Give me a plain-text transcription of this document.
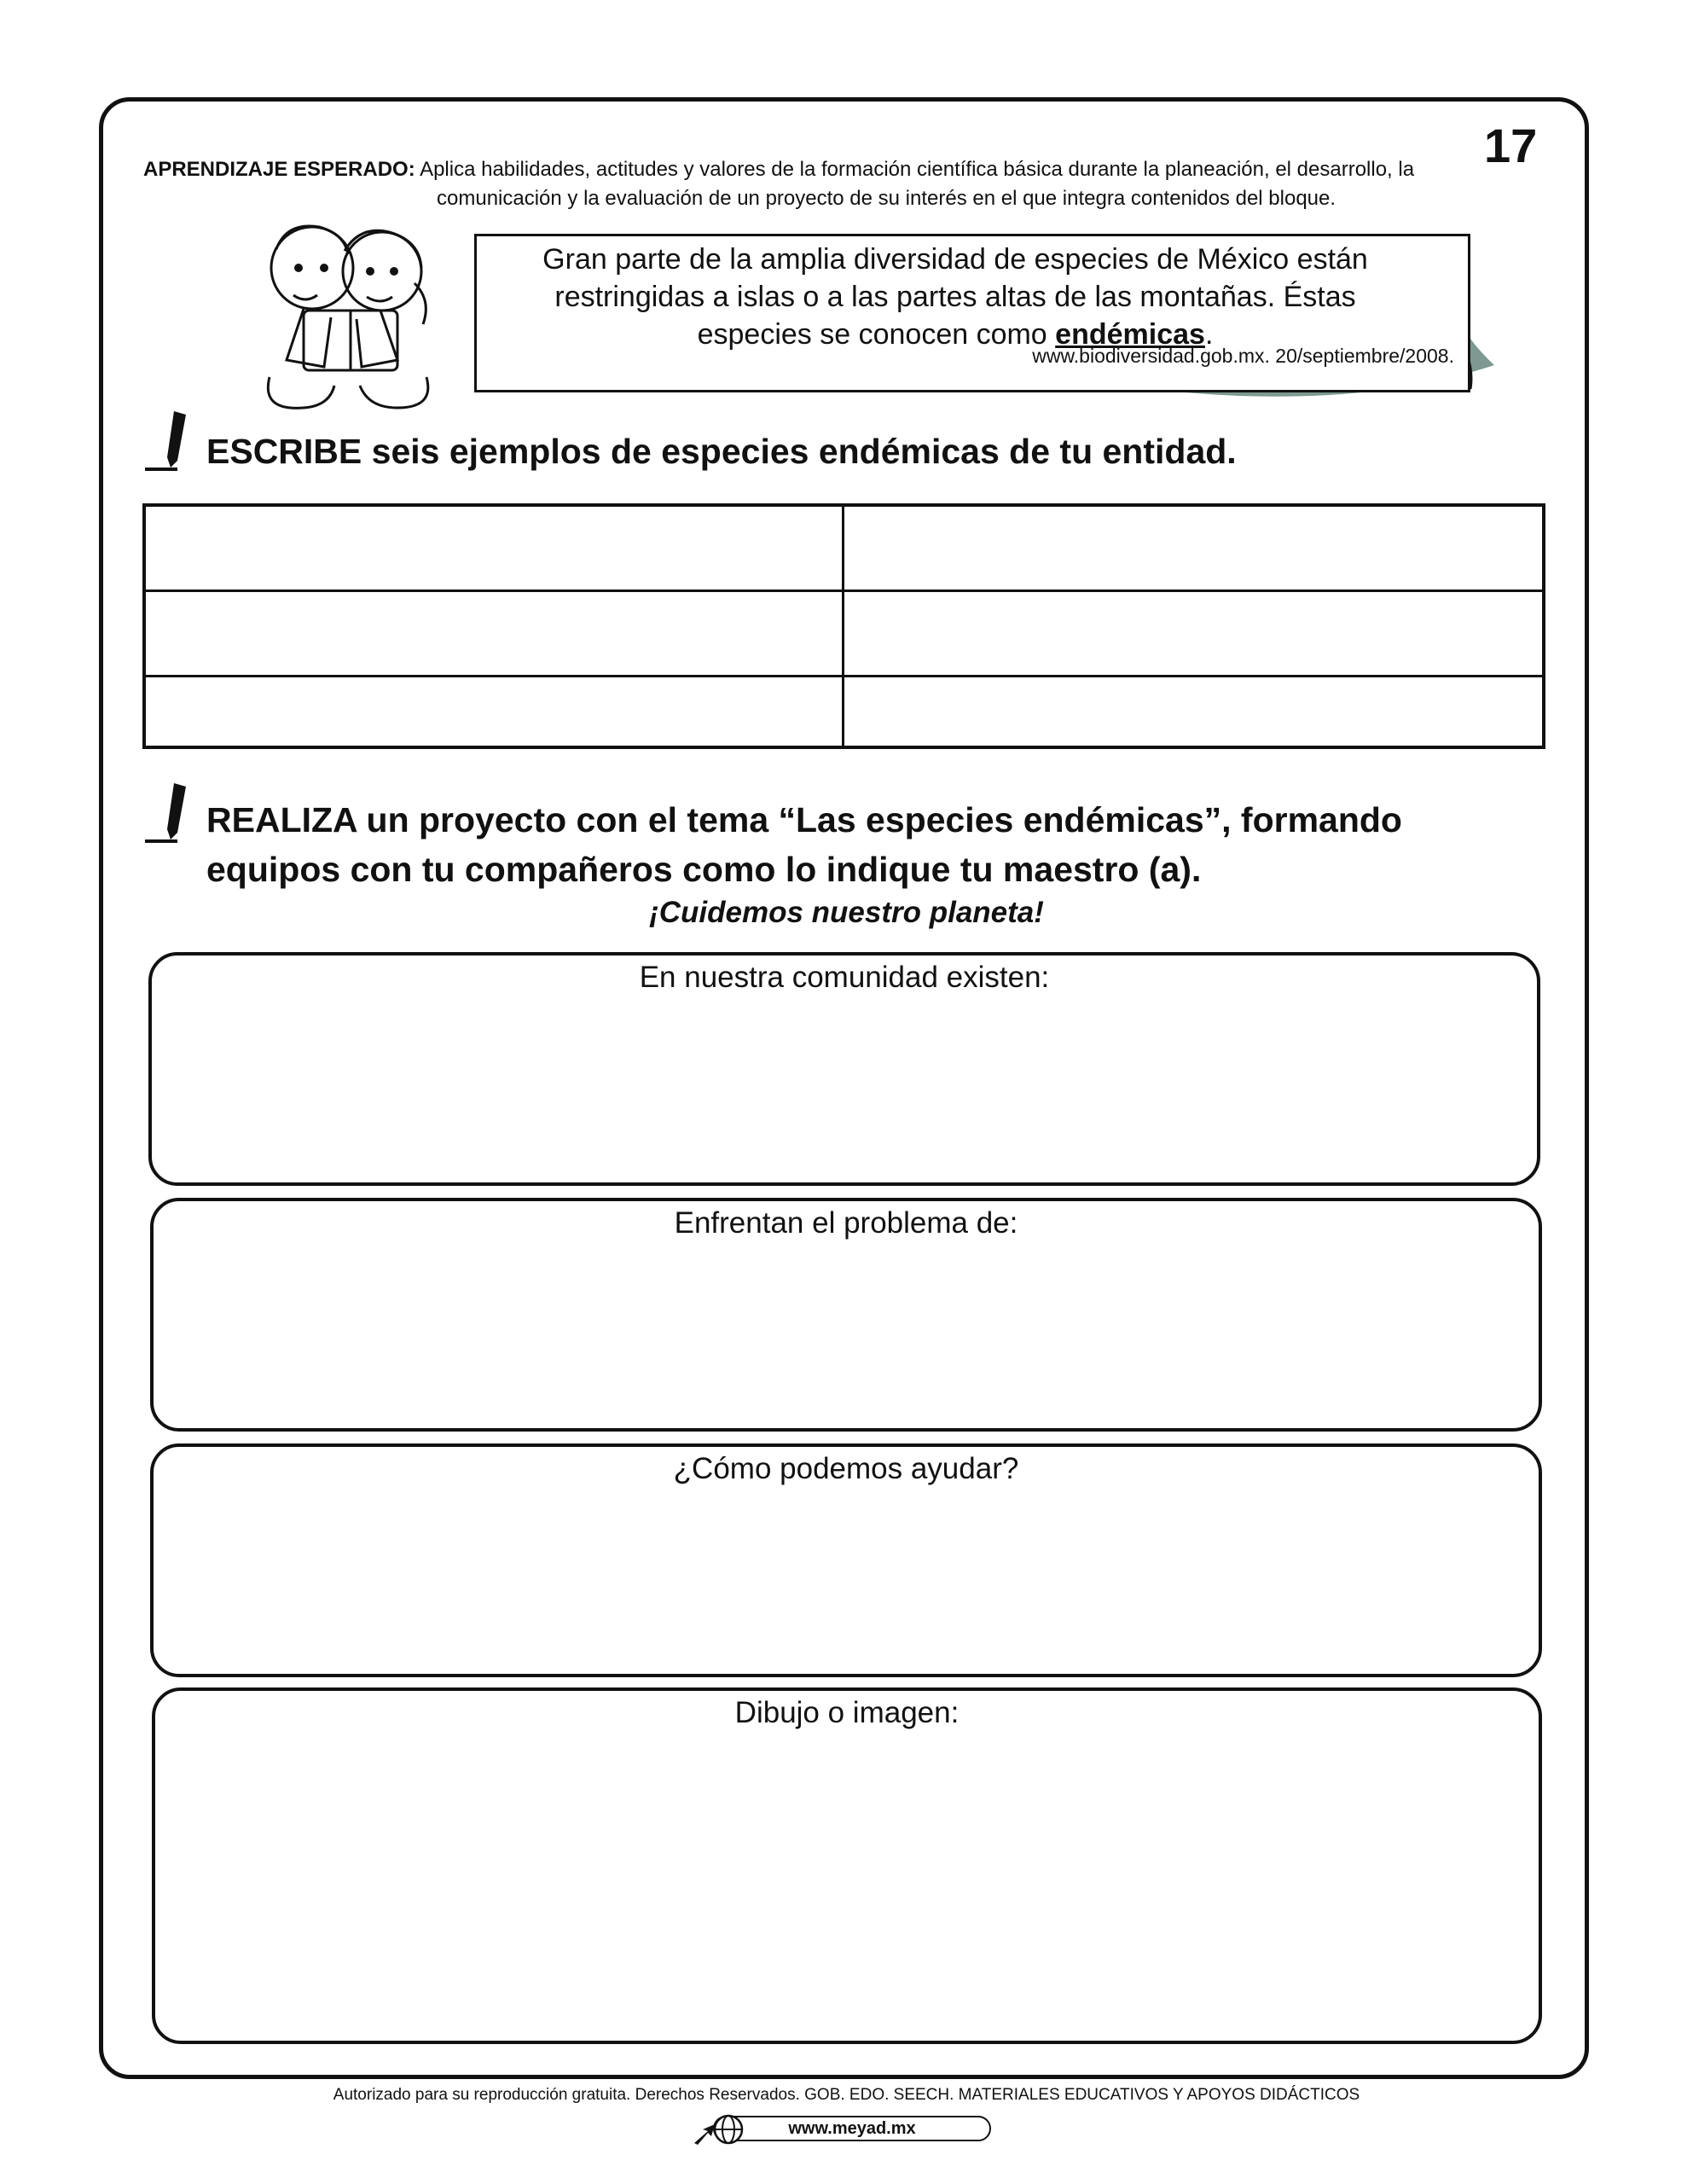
17
APRENDIZAJE ESPERADO: Aplica habilidades, actitudes y valores de la formación científica básica durante la planeación, el desarrollo, la
comunicación y la evaluación de un proyecto de su interés en el que integra contenidos del bloque.
Gran parte de la amplia diversidad de especies de México están
restringidas a islas o a las partes altas de las montañas. Éstas
especies se conocen como endémicas.
www.biodiversidad.gob.mx. 20/septiembre/2008.
ESCRIBE seis ejemplos de especies endémicas de tu entidad.
REALIZA un proyecto con el tema “Las especies endémicas”, formando
equipos con tu compañeros como lo indique tu maestro (a).
¡Cuidemos nuestro planeta!
En nuestra comunidad existen:
Enfrentan el problema de:
¿Cómo podemos ayudar?
Dibujo o imagen:
Autorizado para su reproducción gratuita. Derechos Reservados. GOB. EDO. SEECH. MATERIALES EDUCATIVOS Y APOYOS DIDÁCTICOS
www.meyad.mx
